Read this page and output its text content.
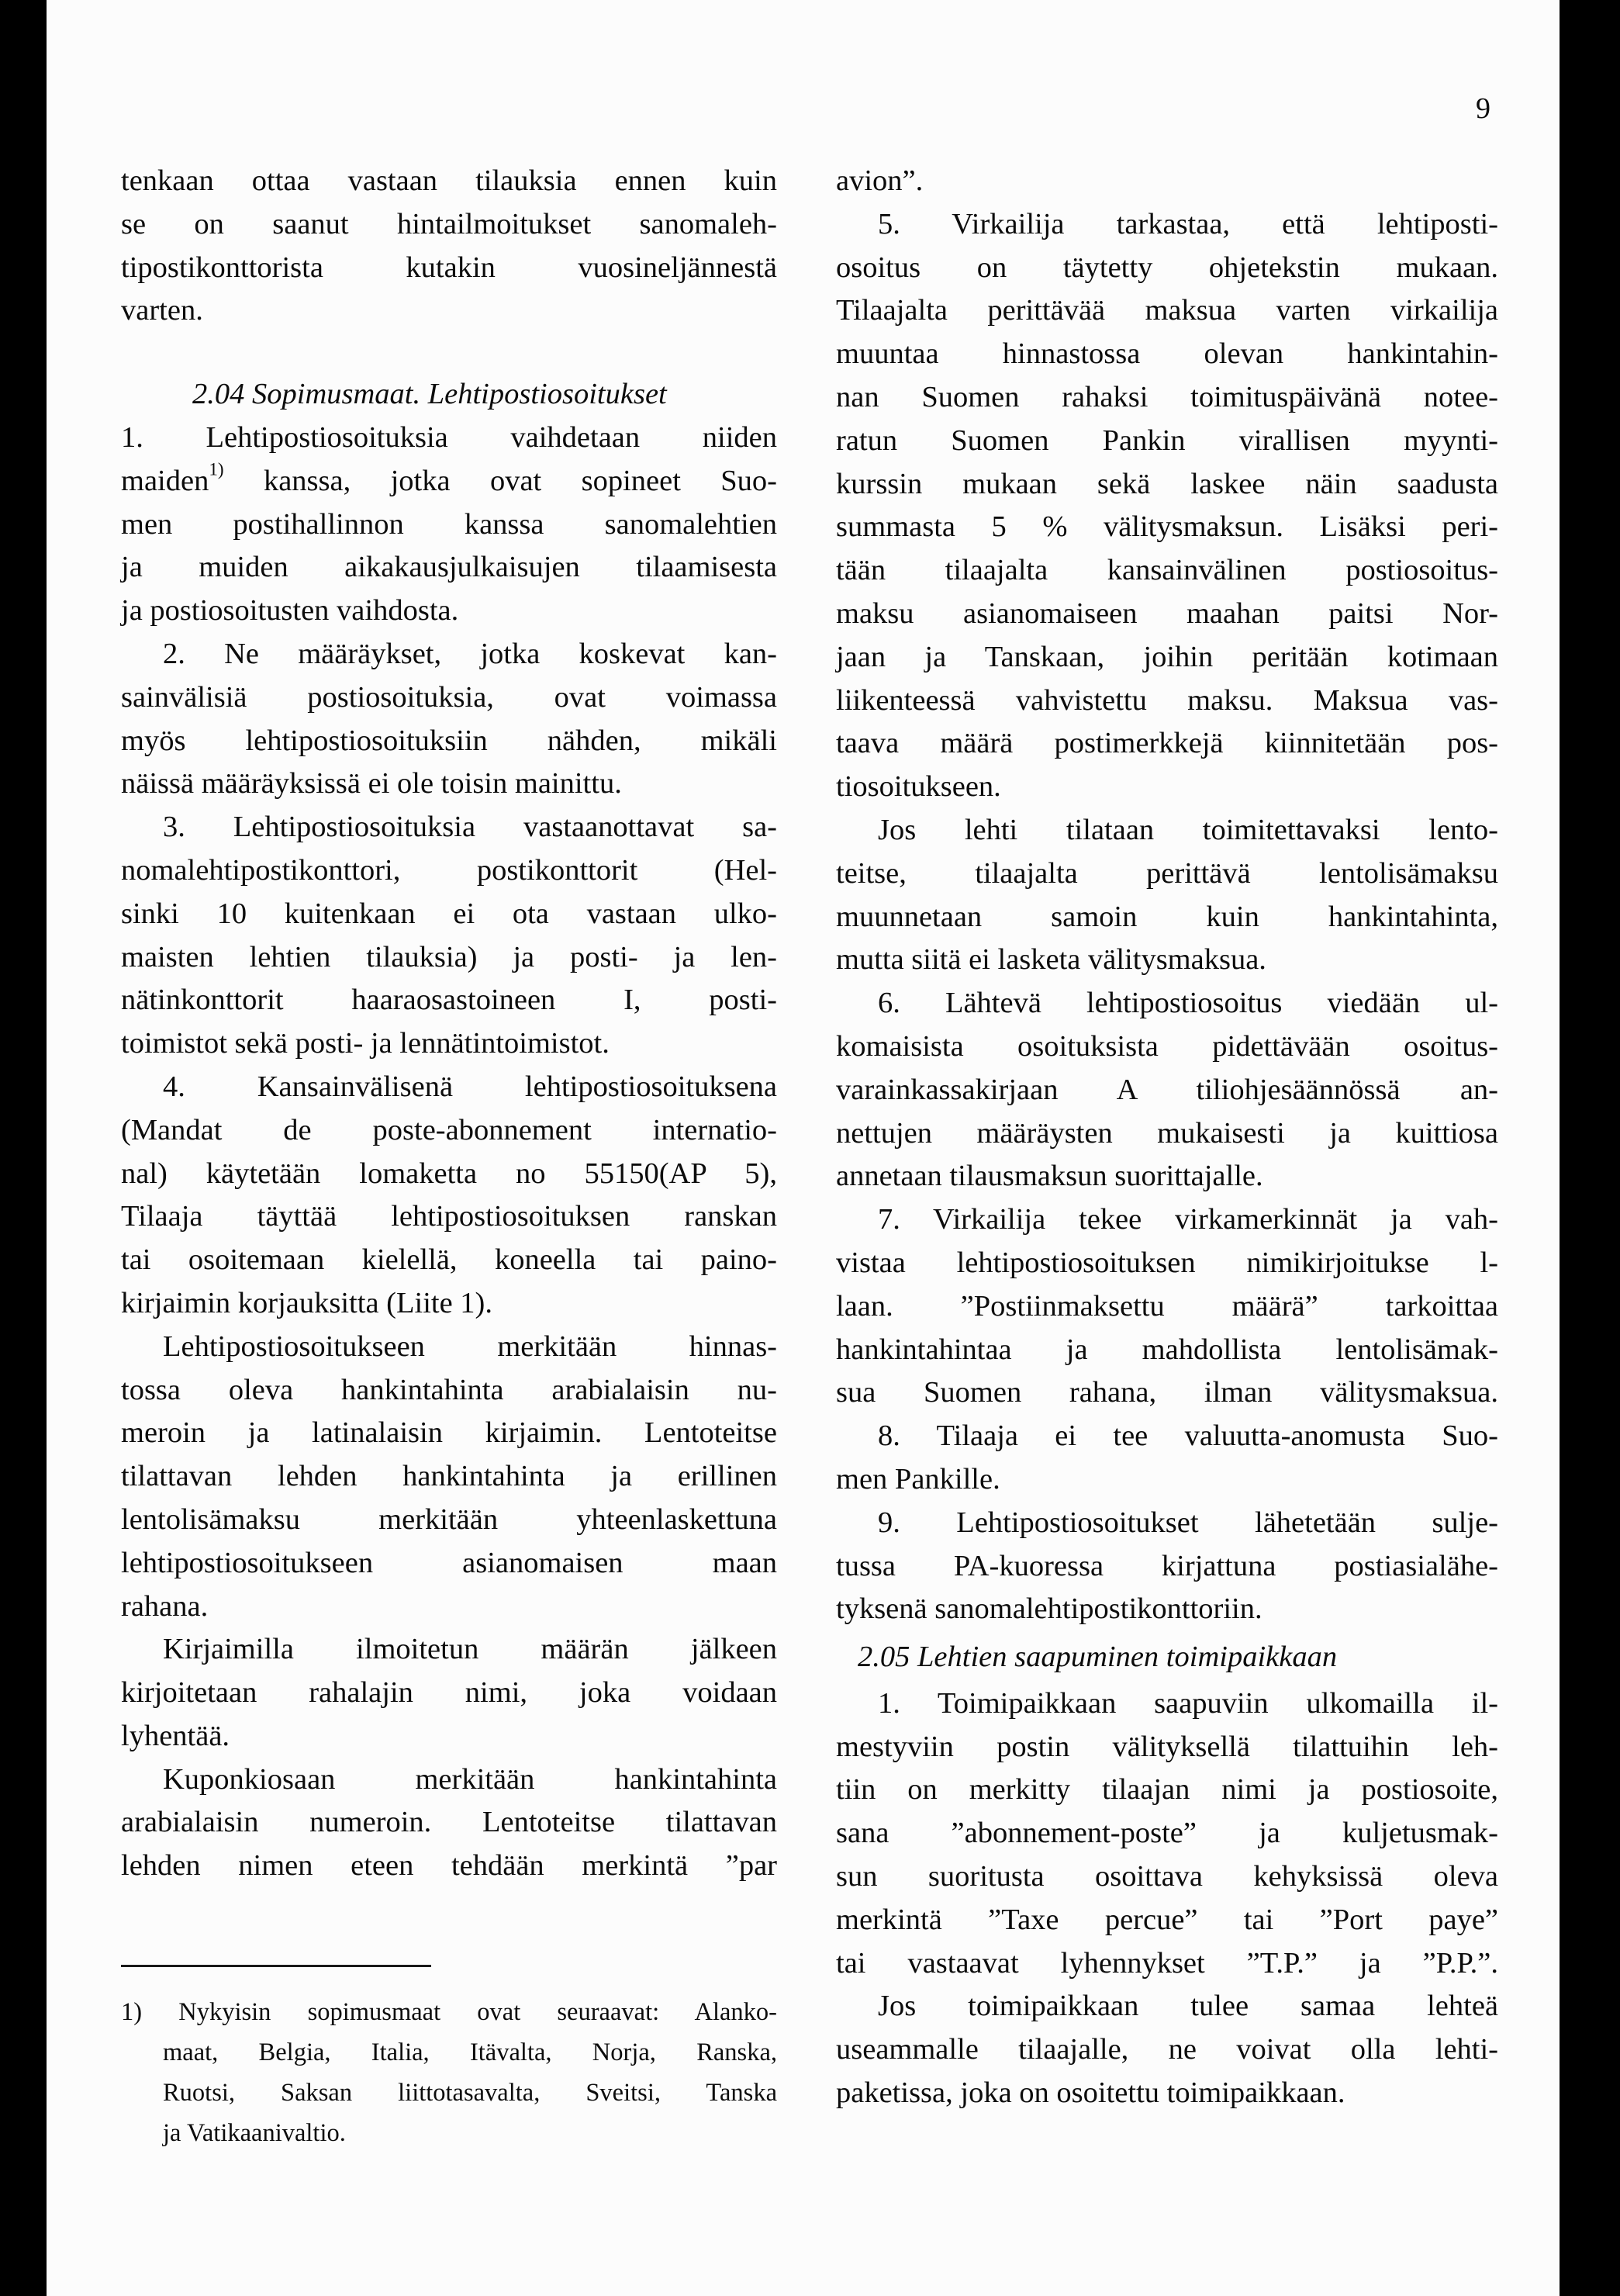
9
tenkaan ottaa vastaan tilauksia ennen kuin
se on saanut hintailmoitukset sanomaleh-
tipostikonttorista kutakin vuosineljännestä
varten.
2.04 Sopimusmaat. Lehtipostiosoitukset
1. Lehtipostiosoituksia vaihdetaan niiden
maiden$^{1)}$ kanssa, jotka ovat sopineet Suo-
men postihallinnon kanssa sanomalehtien
ja muiden aikakausjulkaisujen tilaamisesta
ja postiosoitusten vaihdosta.
2. Ne määräykset, jotka koskevat kan-
sainvälisiä postiosoituksia, ovat voimassa
myös lehtipostiosoituksiin nähden, mikäli
näissä määräyksissä ei ole toisin mainittu.
3. Lehtipostiosoituksia vastaanottavat sa-
nomalehtipostikonttori, postikonttorit (Hel-
sinki 10 kuitenkaan ei ota vastaan ulko-
maisten lehtien tilauksia) ja posti- ja len-
nätinkonttorit haaraosastoineen I, posti-
toimistot sekä posti- ja lennätintoimistot.
4. Kansainvälisenä lehtipostiosoituksena
(Mandat de poste-abonnement internatio-
nal) käytetään lomaketta no 55150(AP 5),
Tilaaja täyttää lehtipostiosoituksen ranskan
tai osoitemaan kielellä, koneella tai paino-
kirjaimin korjauksitta (Liite 1).
Lehtipostiosoitukseen merkitään hinnas-
tossa oleva hankintahinta arabialaisin nu-
meroin ja latinalaisin kirjaimin. Lentoteitse
tilattavan lehden hankintahinta ja erillinen
lentolisämaksu merkitään yhteenlaskettuna
lehtipostiosoitukseen asianomaisen maan
rahana.
Kirjaimilla ilmoitetun määrän jälkeen
kirjoitetaan rahalajin nimi, joka voidaan
lyhentää.
Kuponkiosaan merkitään hankintahinta
arabialaisin numeroin. Lentoteitse tilattavan
lehden nimen eteen tehdään merkintä ”par
1) Nykyisin sopimusmaat ovat seuraavat: Alanko-
maat, Belgia, Italia, Itävalta, Norja, Ranska,
Ruotsi, Saksan liittotasavalta, Sveitsi, Tanska
ja Vatikaanivaltio.
avion”.
5. Virkailija tarkastaa, että lehtiposti-
osoitus on täytetty ohjetekstin mukaan.
Tilaajalta perittävää maksua varten virkailija
muuntaa hinnastossa olevan hankintahin-
nan Suomen rahaksi toimituspäivänä notee-
ratun Suomen Pankin virallisen myynti-
kurssin mukaan sekä laskee näin saadusta
summasta 5 % välitysmaksun. Lisäksi peri-
tään tilaajalta kansainvälinen postiosoitus-
maksu asianomaiseen maahan paitsi Nor-
jaan ja Tanskaan, joihin peritään kotimaan
liikenteessä vahvistettu maksu. Maksua vas-
taava määrä postimerkkejä kiinnitetään pos-
tiosoitukseen.
Jos lehti tilataan toimitettavaksi lento-
teitse, tilaajalta perittävä lentolisämaksu
muunnetaan samoin kuin hankintahinta,
mutta siitä ei lasketa välitysmaksua.
6. Lähtevä lehtipostiosoitus viedään ul-
komaisista osoituksista pidettävään osoitus-
varainkassakirjaan A tiliohjesäännössä an-
nettujen määräysten mukaisesti ja kuittiosa
annetaan tilausmaksun suorittajalle.
7. Virkailija tekee virkamerkinnät ja vah-
vistaa lehtipostiosoituksen nimikirjoitukse l-
laan. ”Postiinmaksettu määrä” tarkoittaa
hankintahintaa ja mahdollista lentolisämak-
sua Suomen rahana, ilman välitysmaksua.
8. Tilaaja ei tee valuutta-anomusta Suo-
men Pankille.
9. Lehtipostiosoitukset lähetetään sulje-
tussa PA-kuoressa kirjattuna postiasialähe-
tyksenä sanomalehtipostikonttoriin.
2.05 Lehtien saapuminen toimipaikkaan
1. Toimipaikkaan saapuviin ulkomailla il-
mestyviin postin välityksellä tilattuihin leh-
tiin on merkitty tilaajan nimi ja postiosoite,
sana ”abonnement-poste” ja kuljetusmak-
sun suoritusta osoittava kehyksissä oleva
merkintä ”Taxe percue” tai ”Port paye”
tai vastaavat lyhennykset ”T.P.” ja ”P.P.”.
Jos toimipaikkaan tulee samaa lehteä
useammalle tilaajalle, ne voivat olla lehti-
paketissa, joka on osoitettu toimipaikkaan.
